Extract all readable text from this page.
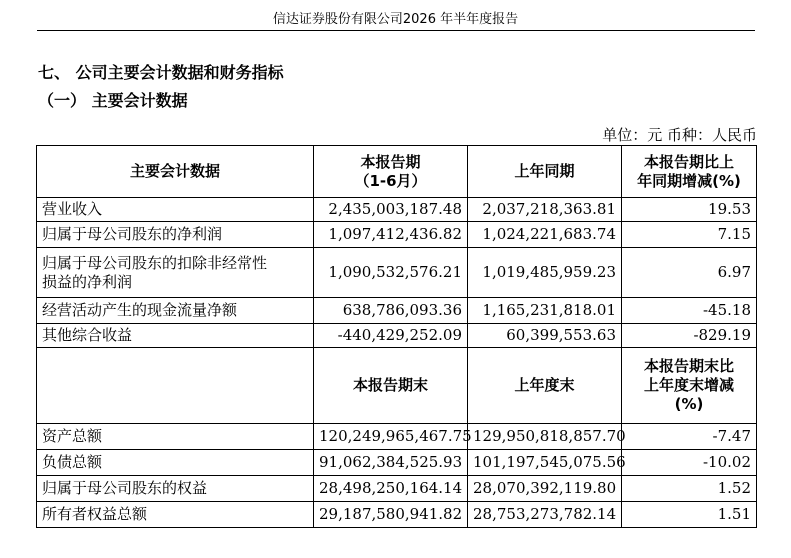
信达证券股份有限公司2026 年半年度报告
七、 公司主要会计数据和财务指标
（一） 主要会计数据
单位：元 币种：人民币
主要会计数据	本报告期
（1-6月）	上年同期	本报告期比上
年同期增减(%)
营业收入	2,435,003,187.48	2,037,218,363.81	19.53
归属于母公司股东的净利润	1,097,412,436.82	1,024,221,683.74	7.15
归属于母公司股东的扣除非经常性
损益的净利润	1,090,532,576.21	1,019,485,959.23	6.97
经营活动产生的现金流量净额	638,786,093.36	1,165,231,818.01	-45.18
其他综合收益	-440,429,252.09	60,399,553.63	-829.19
	本报告期末	上年度末	本报告期末比
上年度末增减
(%)
资产总额	120,249,965,467.75	129,950,818,857.70	-7.47
负债总额	91,062,384,525.93	101,197,545,075.56	-10.02
归属于母公司股东的权益	28,498,250,164.14	28,070,392,119.80	1.52
所有者权益总额	29,187,580,941.82	28,753,273,782.14	1.51
